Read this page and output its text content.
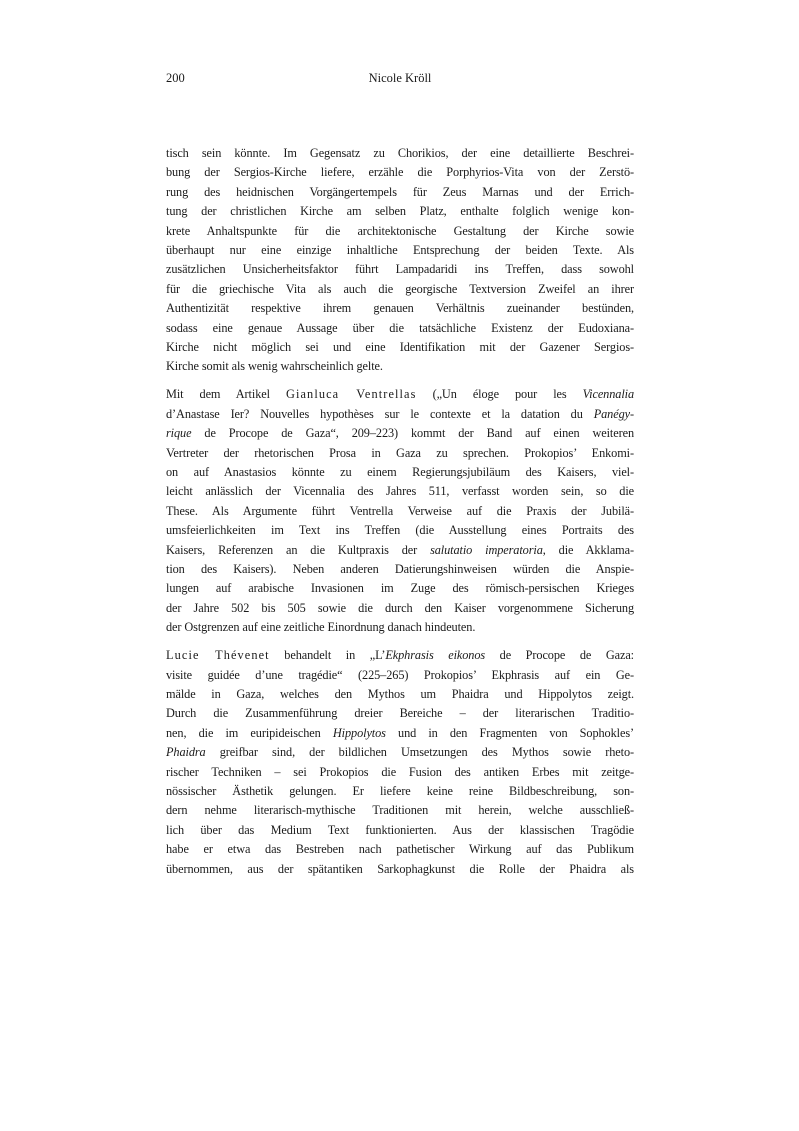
200	Nicole Kröll
tisch sein könnte. Im Gegensatz zu Chorikios, der eine detaillierte Beschrei-
bung der Sergios-Kirche liefere, erzähle die Porphyrios-Vita von der Zerstö-
rung des heidnischen Vorgängertempels für Zeus Marnas und der Errich-
tung der christlichen Kirche am selben Platz, enthalte folglich wenige kon-
krete Anhaltspunkte für die architektonische Gestaltung der Kirche sowie
überhaupt nur eine einzige inhaltliche Entsprechung der beiden Texte. Als
zusätzlichen Unsicherheitsfaktor führt Lampadaridi ins Treffen, dass sowohl
für die griechische Vita als auch die georgische Textversion Zweifel an ihrer
Authentizität respektive ihrem genauen Verhältnis zueinander bestünden,
sodass eine genaue Aussage über die tatsächliche Existenz der Eudoxiana-
Kirche nicht möglich sei und eine Identifikation mit der Gazener Sergios-
Kirche somit als wenig wahrscheinlich gelte.
Mit dem Artikel Gianluca Ventrellas („Un éloge pour les Vicennalia
d’Anastase Ier? Nouvelles hypothèses sur le contexte et la datation du Panégy-
rique de Procope de Gaza“, 209–223) kommt der Band auf einen weiteren
Vertreter der rhetorischen Prosa in Gaza zu sprechen. Prokopios’ Enkomi-
on auf Anastasios könnte zu einem Regierungsjubiläum des Kaisers, viel-
leicht anlässlich der Vicennalia des Jahres 511, verfasst worden sein, so die
These. Als Argumente führt Ventrella Verweise auf die Praxis der Jubilä-
umsfeierlichkeiten im Text ins Treffen (die Ausstellung eines Portraits des
Kaisers, Referenzen an die Kultpraxis der salutatio imperatoria, die Akklama-
tion des Kaisers). Neben anderen Datierungshinweisen würden die Anspie-
lungen auf arabische Invasionen im Zuge des römisch-persischen Krieges
der Jahre 502 bis 505 sowie die durch den Kaiser vorgenommene Sicherung
der Ostgrenzen auf eine zeitliche Einordnung danach hindeuten.
Lucie Thévenet behandelt in „L’Ekphrasis eikonos de Procope de Gaza:
visite guidée d’une tragédie“ (225–265) Prokopios’ Ekphrasis auf ein Ge-
mälde in Gaza, welches den Mythos um Phaidra und Hippolytos zeigt.
Durch die Zusammenführung dreier Bereiche – der literarischen Traditio-
nen, die im euripideischen Hippolytos und in den Fragmenten von Sophokles’
Phaidra greifbar sind, der bildlichen Umsetzungen des Mythos sowie rheto-
rischer Techniken – sei Prokopios die Fusion des antiken Erbes mit zeitge-
nössischer Ästhetik gelungen. Er liefere keine reine Bildbeschreibung, son-
dern nehme literarisch-mythische Traditionen mit herein, welche ausschließ-
lich über das Medium Text funktionierten. Aus der klassischen Tragödie
habe er etwa das Bestreben nach pathetischer Wirkung auf das Publikum
übernommen, aus der spätantiken Sarkophagkunst die Rolle der Phaidra als
